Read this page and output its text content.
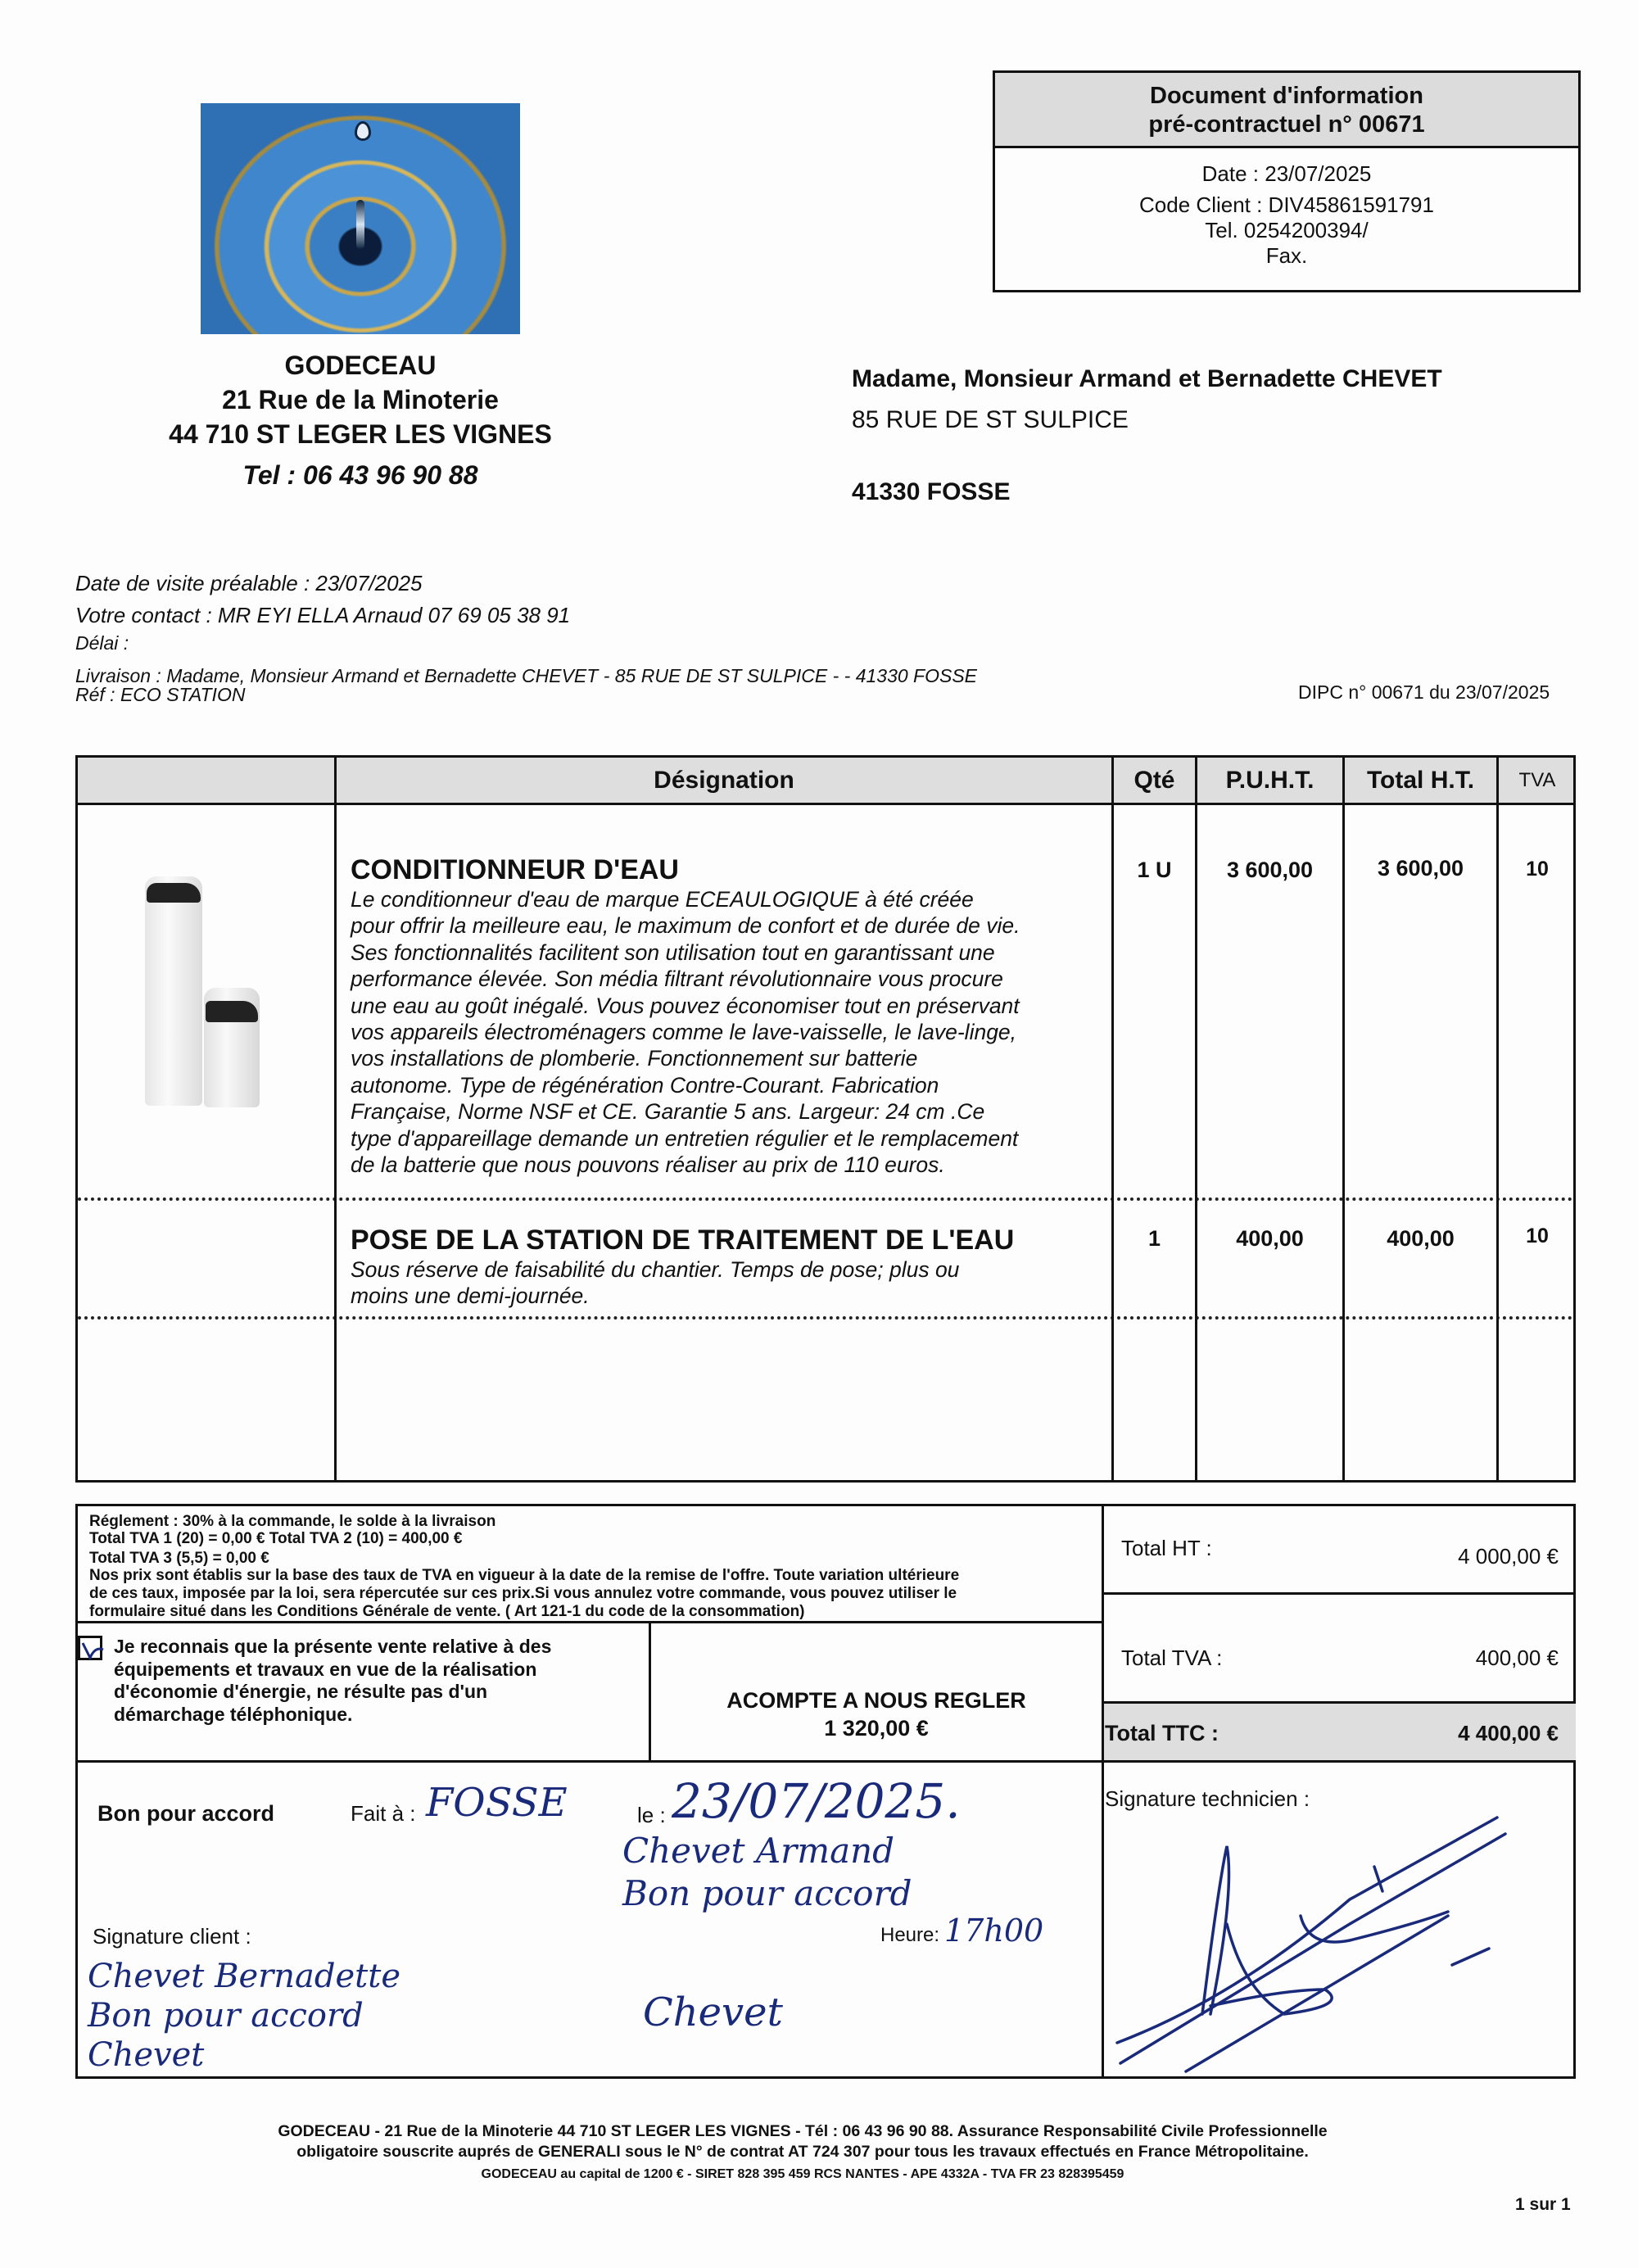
GODECEAU
21 Rue de la Minoterie
44 710 ST LEGER LES VIGNES
Tel : 06 43 96 90 88
Document d'information
pré-contractuel n° 00671
Date : 23/07/2025
Code Client : DIV45861591791
Tel. 0254200394/
Fax.
Madame, Monsieur Armand et Bernadette CHEVET
85 RUE DE ST SULPICE
41330 FOSSE
Date de visite préalable : 23/07/2025
Votre contact : MR EYI ELLA Arnaud 07 69 05 38 91
Délai :
Livraison : Madame, Monsieur Armand et Bernadette CHEVET - 85 RUE DE ST SULPICE - - 41330 FOSSE
Réf : ECO STATION	DIPC n° 00671 du 23/07/2025
Désignation	Qté	P.U.H.T.	Total H.T.	TVA
CONDITIONNEUR D'EAU
Le conditionneur d'eau de marque ECEAULOGIQUE à été créée
pour offrir la meilleure eau, le maximum de confort et de durée de vie.
Ses fonctionnalités facilitent son utilisation tout en garantissant une
performance élevée. Son média filtrant révolutionnaire vous procure
une eau au goût inégalé. Vous pouvez économiser tout en préservant
vos appareils électroménagers comme le lave-vaisselle, le lave-linge,
vos installations de plomberie. Fonctionnement sur batterie
autonome. Type de régénération Contre-Courant. Fabrication
Française, Norme NSF et CE. Garantie 5 ans. Largeur: 24 cm .Ce
type d'appareillage demande un entretien régulier et le remplacement
de la batterie que nous pouvons réaliser au prix de 110 euros.
1 U	3 600,00	3 600,00	10
POSE DE LA STATION DE TRAITEMENT DE L'EAU
Sous réserve de faisabilité du chantier. Temps de pose; plus ou
moins une demi-journée.
1	400,00	400,00	10
Réglement : 30% à la commande, le solde à la livraison
Total TVA 1 (20) = 0,00 € Total TVA 2 (10) = 400,00 €
Total TVA 3 (5,5) = 0,00 €
Nos prix sont établis sur la base des taux de TVA en vigueur à la date de la remise de l'offre. Toute variation ultérieure
de ces taux, imposée par la loi, sera répercutée sur ces prix.Si vous annulez votre commande, vous pouvez utiliser le
formulaire situé dans les Conditions Générale de vente. ( Art 121-1 du code de la consommation)
Je reconnais que la présente vente relative à des
équipements et travaux en vue de la réalisation
d'économie d'énergie, ne résulte pas d'un
démarchage téléphonique.
ACOMPTE A NOUS REGLER
1 320,00 €
Total HT :	4 000,00 €
Total TVA :	400,00 €
Total TTC :	4 400,00 €
Bon pour accord	Fait à : FOSSE	le : 23/07/2025.
Signature client :
Chevet Bernadette
Bon pour accord
Chevet
Chevet Armand
Bon pour accord
Chevet
Heure: 17h00
Signature technicien :
GODECEAU - 21 Rue de la Minoterie 44 710 ST LEGER LES VIGNES - Tél : 06 43 96 90 88. Assurance Responsabilité Civile Professionnelle
obligatoire souscrite auprés de GENERALI sous le N° de contrat AT 724 307 pour tous les travaux effectués en France Métropolitaine.
GODECEAU au capital de 1200 € - SIRET 828 395 459 RCS NANTES - APE 4332A - TVA FR 23 828395459
1 sur 1
